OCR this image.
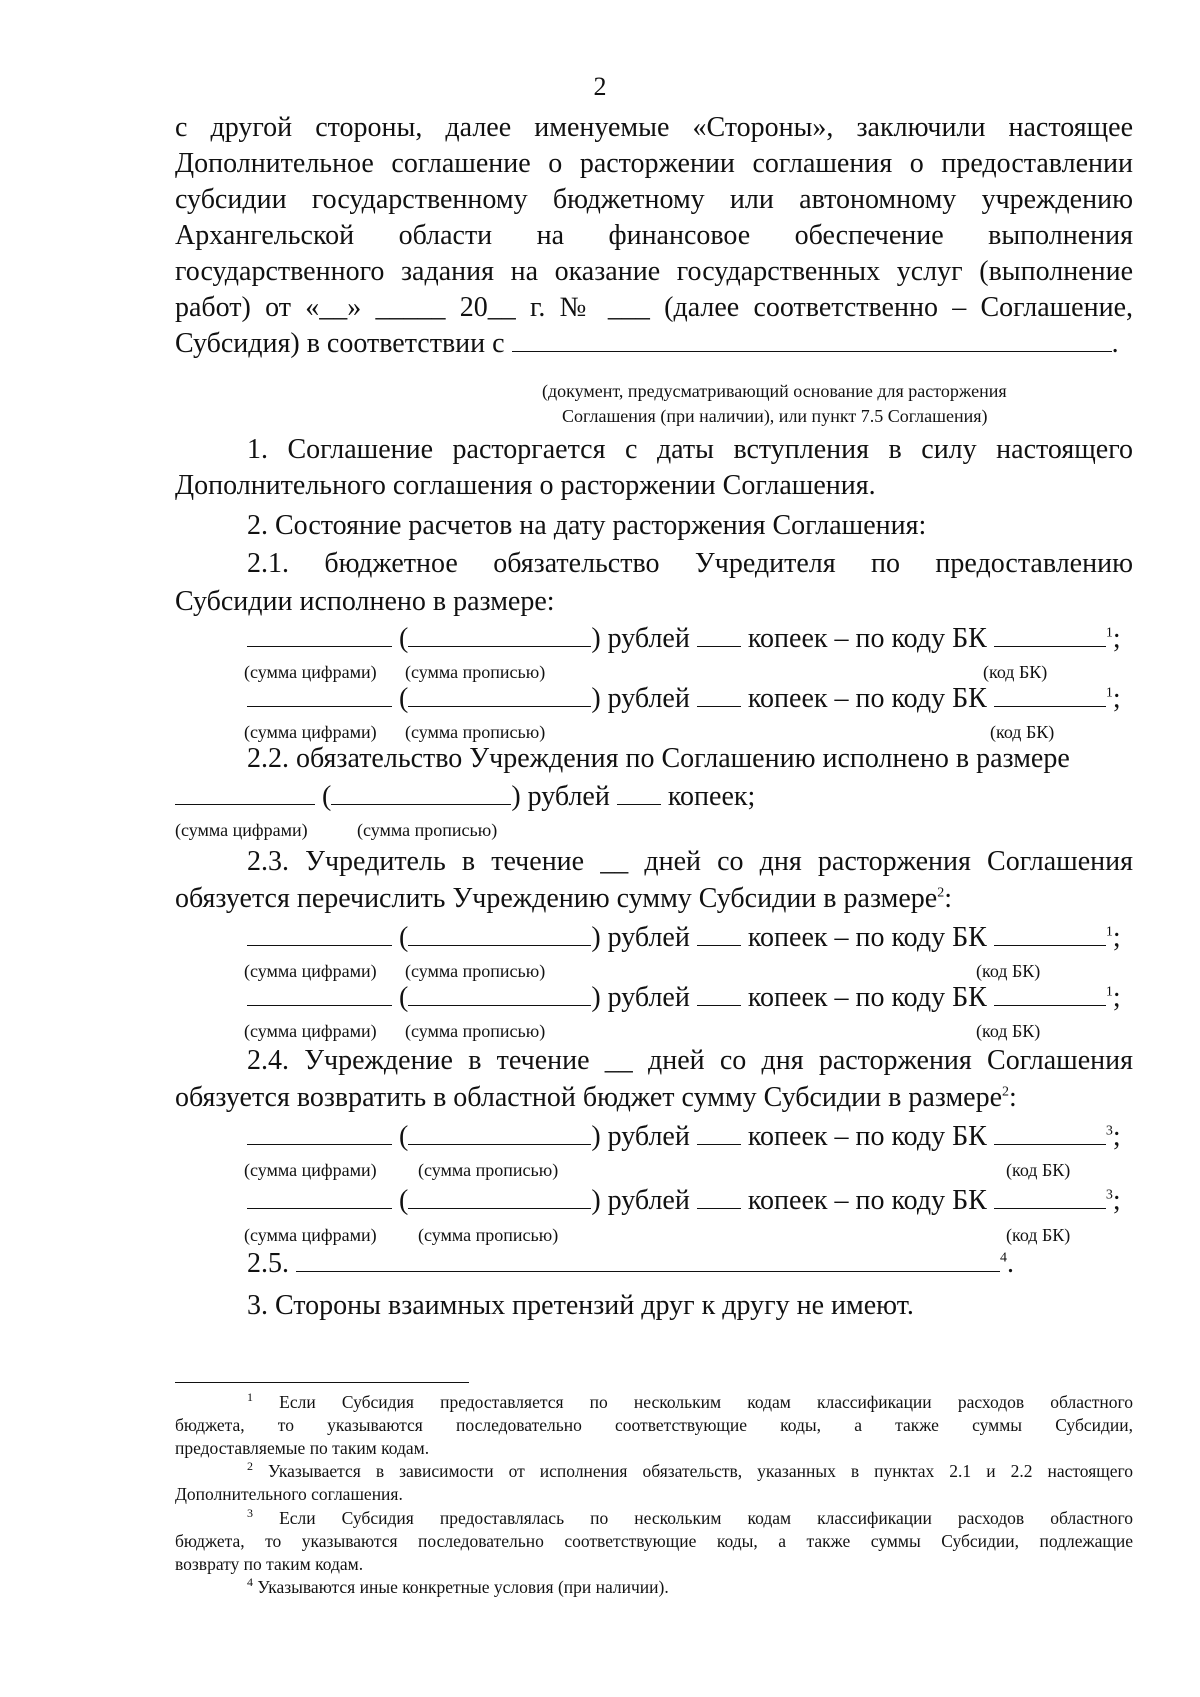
2
с другой стороны, далее именуемые «Стороны», заключили настоящее
Дополнительное соглашение о расторжении соглашения о предоставлении
субсидии государственному бюджетному или автономному учреждению
Архангельской области на финансовое обеспечение выполнения
государственного задания на оказание государственных услуг (выполнение
работ) от «__» _____ 20__ г. № ___ (далее соответственно – Соглашение,
Субсидия) в соответствии с	.
(документ, предусматривающий основание для расторжения
Соглашения (при наличии), или пункт 7.5 Соглашения)
1. Соглашение расторгается с даты вступления в силу настоящего
Дополнительного соглашения о расторжении Соглашения.
2. Состояние расчетов на дату расторжения Соглашения:
2.1. бюджетное обязательство Учредителя по предоставлению
Субсидии исполнено в размере:
(	) рублей копеек – по коду БК	$^1$;
(сумма цифрами) (сумма прописью)	(код БК)
(	) рублей копеек – по коду БК	$^1$;
(сумма цифрами) (сумма прописью)	(код БК)
2.2. обязательство Учреждения по Соглашению исполнено в размере
(	) рублей копеек;
(сумма цифрами)	(сумма прописью)
2.3. Учредитель в течение __ дней со дня расторжения Соглашения
обязуется перечислить Учреждению сумму Субсидии в размере$^2$:
(	) рублей копеек – по коду БК	$^1$;
(сумма цифрами) (сумма прописью)	(код БК)
(	) рублей копеек – по коду БК	$^1$;
(сумма цифрами) (сумма прописью)	(код БК)
2.4. Учреждение в течение __ дней со дня расторжения Соглашения
обязуется возвратить в областной бюджет сумму Субсидии в размере$^2$:
(	) рублей копеек – по коду БК	$^3$;
(сумма цифрами) (сумма прописью)	(код БК)
(	) рублей копеек – по коду БК	$^3$;
(сумма цифрами) (сумма прописью)	(код БК)
2.5.	$^4$.
3. Стороны взаимных претензий друг к другу не имеют.
$^1$ Если Субсидия предоставляется по нескольким кодам классификации расходов областного
бюджета, то указываются последовательно соответствующие коды, а также суммы Субсидии,
предоставляемые по таким кодам.
$^2$ Указывается в зависимости от исполнения обязательств, указанных в пунктах 2.1 и 2.2 настоящего
Дополнительного соглашения.
$^3$ Если Субсидия предоставлялась по нескольким кодам классификации расходов областного
бюджета, то указываются последовательно соответствующие коды, а также суммы Субсидии, подлежащие
возврату по таким кодам.
$^4$ Указываются иные конкретные условия (при наличии).
